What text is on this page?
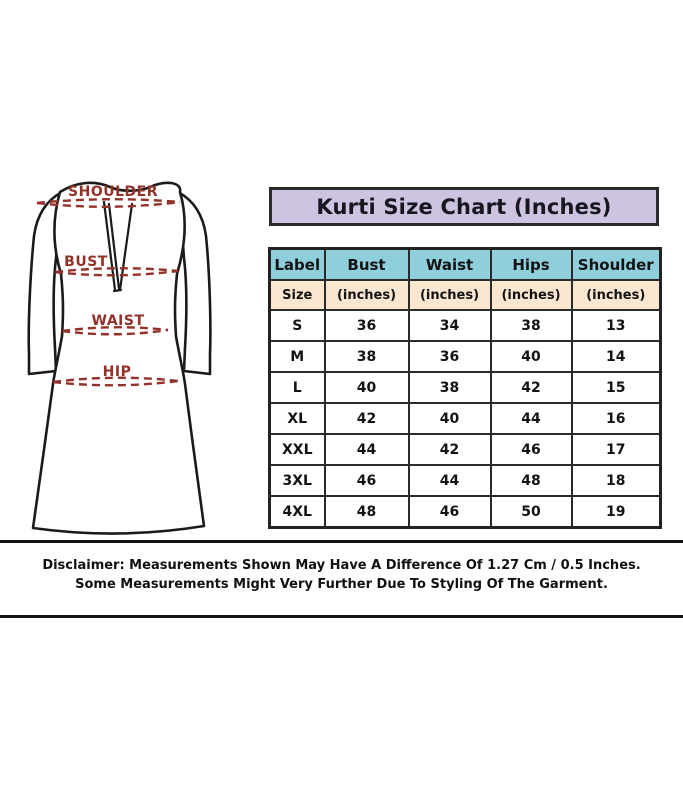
SHOULDER
BUST
WAIST
HIP
Kurti Size Chart (Inches)
Label	Bust	Waist	Hips	Shoulder
Size	(inches)	(inches)	(inches)	(inches)
S	36	34	38	13
M	38	36	40	14
L	40	38	42	15
XL	42	40	44	16
XXL	44	42	46	17
3XL	46	44	48	18
4XL	48	46	50	19
Disclaimer: Measurements Shown May Have A Difference Of 1.27 Cm / 0.5 Inches.
Some Measurements Might Very Further Due To Styling Of The Garment.
